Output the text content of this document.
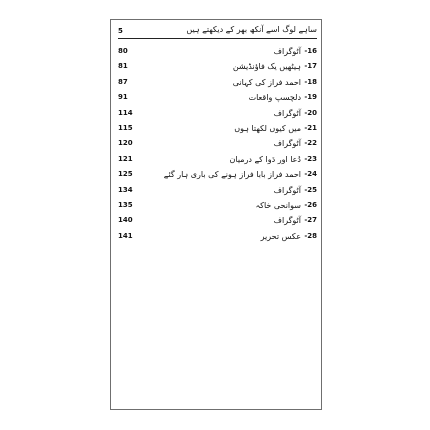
5	ساہے لوگ اسے آنکھ بھر کے دیکھتے ہیں
80	آٹوگراف -16
81	ہیٹھیں یک فاؤنڈیشن -17
87	احمد فراز کی کہانی -18
91	دلچسپ واقعات -19
114	آٹوگراف -20
115	میں کیوں لکھتا ہوں -21
120	آٹوگراف -22
121	دُعا اور دَوا کے درمیان -23
125	احمد فراز بابا فراز ہونے کی باری ہار گئے -24
134	آٹوگراف -25
135	سوانحی خاکہ -26
140	آٹوگراف -27
141	عکس تحریر -28
